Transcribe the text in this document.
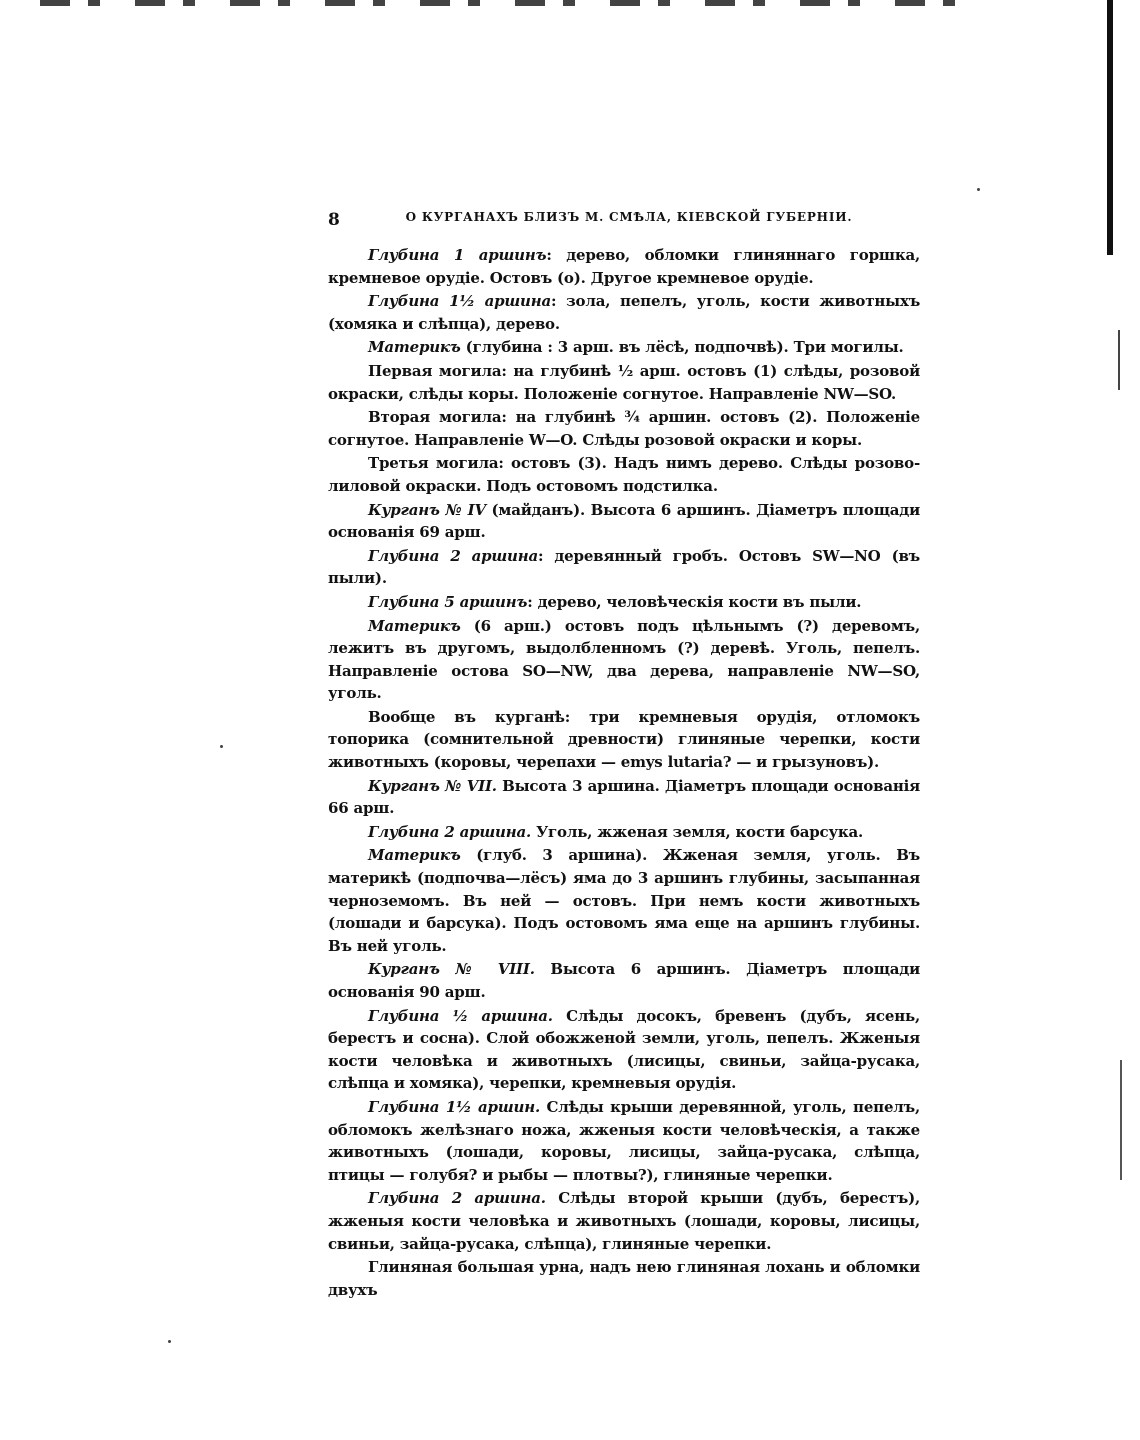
8	О КУРГАНАХЪ БЛИЗЪ М. СМѢЛА, КІЕВСКОЙ ГУБЕРНІИ.

Глубина 1 аршинъ: дерево, обломки глиняннаго горшка, кремневое орудіе. Остовъ (о). Другое кремневое орудіе.

Глубина 1½ аршина: зола, пепелъ, уголь, кости животныхъ (хомяка и слѣпца), дерево.

Материкъ (глубина : 3 арш. въ лёсѣ, подпочвѣ). Три могилы.

Первая могила: на глубинѣ ½ арш. остовъ (1) слѣды, розовой окраски, слѣды коры. Положеніе согнутое. Направленіе NW—SO.

Вторая могила: на глубинѣ ¾ аршин. остовъ (2). Положеніе согнутое. Направленіе W—O. Слѣды розовой окраски и коры.

Третья могила: остовъ (3). Надъ нимъ дерево. Слѣды розово-лиловой окраски. Подъ остовомъ подстилка.

Курганъ № IV (майданъ). Высота 6 аршинъ. Діаметръ площади основанія 69 арш.

Глубина 2 аршина: деревянный гробъ. Остовъ SW—NO (въ пыли).

Глубина 5 аршинъ: дерево, человѣческія кости въ пыли.

Материкъ (6 арш.) остовъ подъ цѣльнымъ (?) деревомъ, лежитъ въ другомъ, выдолбленномъ (?) деревѣ. Уголь, пепелъ. Направленіе остова SO—NW, два дерева, направленіе NW—SO, уголь.

Вообще въ курганѣ: три кремневыя орудія, отломокъ топорика (сомнительной древности) глиняные черепки, кости животныхъ (коровы, черепахи — emys lutaria? — и грызуновъ).

Курганъ № VII. Высота 3 аршина. Діаметръ площади основанія 66 арш.

Глубина 2 аршина. Уголь, жженая земля, кости барсука.

Материкъ (глуб. 3 аршина). Жженая земля, уголь. Въ материкѣ (подпочва—лёсъ) яма до 3 аршинъ глубины, засыпанная черноземомъ. Въ ней — остовъ. При немъ кости животныхъ (лошади и барсука). Подъ остовомъ яма еще на аршинъ глубины. Въ ней уголь.

Курганъ № VIII. Высота 6 аршинъ. Діаметръ площади основанія 90 арш.

Глубина ½ аршина. Слѣды досокъ, бревенъ (дубъ, ясень, берестъ и сосна). Слой обожженой земли, уголь, пепелъ. Жженыя кости человѣка и животныхъ (лисицы, свиньи, зайца-русака, слѣпца и хомяка), черепки, кремневыя орудія.

Глубина 1½ аршин. Слѣды крыши деревянной, уголь, пепелъ, обломокъ желѣзнаго ножа, жженыя кости человѣческія, а также животныхъ (лошади, коровы, лисицы, зайца-русака, слѣпца, птицы — голубя? и рыбы — плотвы?), глиняные черепки.

Глубина 2 аршина. Слѣды второй крыши (дубъ, берестъ), жженыя кости человѣка и животныхъ (лошади, коровы, лисицы, свиньи, зайца-русака, слѣпца), глиняные черепки.

Глиняная большая урна, надъ нею глиняная лохань и обломки двухъ
